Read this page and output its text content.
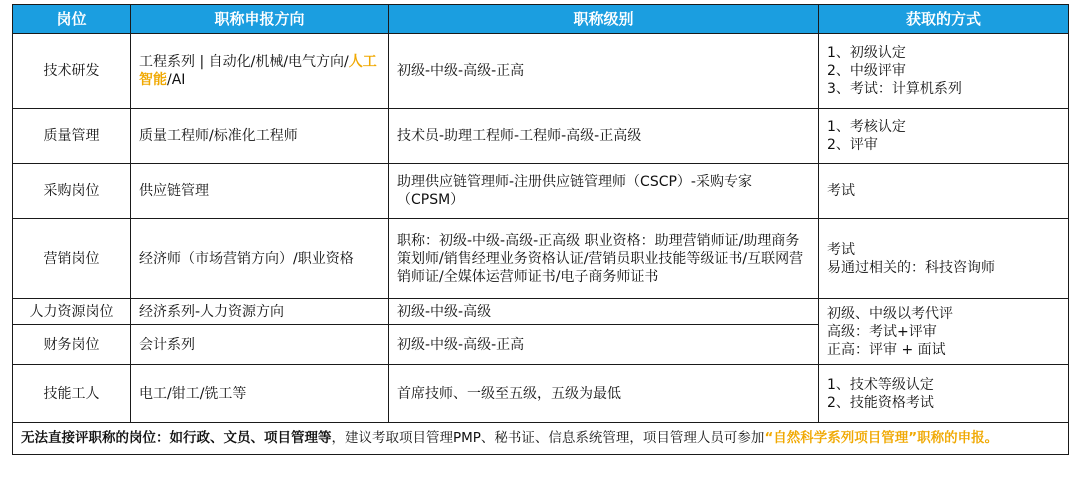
岗位	职称申报方向	职称级别	获取的方式
技术研发	工程系列 | 自动化/机械/电气方向/人工智能/AI	初级-中级-高级-正高	1、初级认定
2、中级评审
3、考试：计算机系列

质量管理	质量工程师/标准化工程师	技术员-助理工程师-工程师-高级-正高级	1、考核认定
2、评审

采购岗位	供应链管理	助理供应链管理师-注册供应链管理师（CSCP）-采购专家（CPSM）	考试
营销岗位	经济师（市场营销方向）/职业资格	职称：初级-中级-高级-正高级 职业资格：助理营销师证/助理商务策划师/销售经理业务资格认证/营销员职业技能等级证书/互联网营销师证/全媒体运营师证书/电子商务师证书	考试
易通过相关的：科技咨询师

人力资源岗位	经济系列-人力资源方向	初级-中级-高级	初级、中级以考代评
高级：考试+评审
正高：评审 + 面试

财务岗位	会计系列	初级-中级-高级-正高	
技能工人	电工/钳工/铣工等	首席技师、一级至五级，五级为最低	1、技术等级认定
2、技能资格考试

无法直接评职称的岗位：如行政、文员、项目管理等，建议考取项目管理PMP、秘书证、信息系统管理，项目管理人员可参加“自然科学系列项目管理”职称的申报。			
